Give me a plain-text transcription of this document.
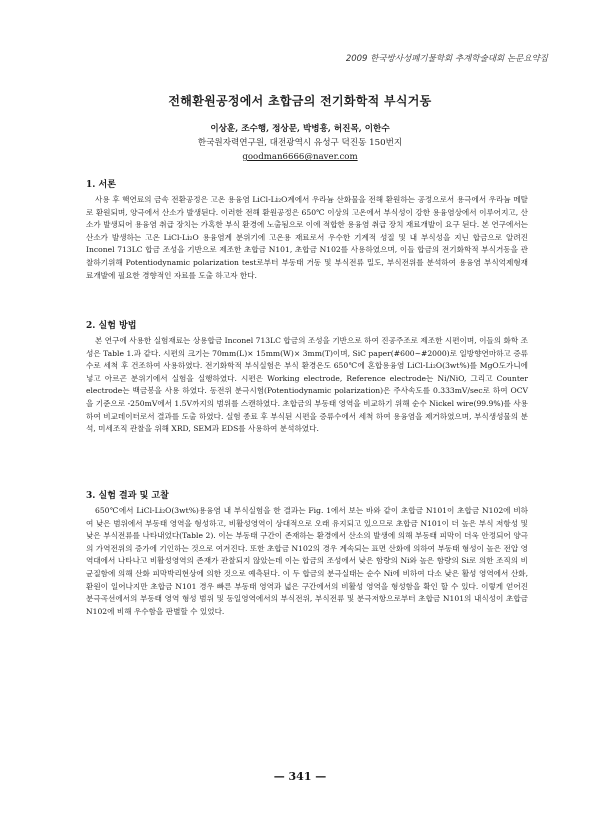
2009 한국방사성폐기물학회 추계학술대회 논문요약집
전해환원공정에서 초합금의 전기화학적 부식거동
이상훈, 조수행, 정상문, 박병흥, 허진목, 이한수
한국원자력연구원, 대전광역시 유성구 덕진동 150번지
goodman6666@naver.com
1. 서론

사용 후 핵연료의 금속 전환공정은 고온 용융염 LiCl-Li₂O계에서 우라늄 산화물을 전해 환원하는 공정으로서 용극에서 우라늄 메탈로 환원되며, 양극에서 산소가 발생된다. 이러한 전해 환원공정은 650℃ 이상의 고온에서 부식성이 강한 용융염상에서 이루어지고, 산소가 발생되어 용융염 취급 장치는 가혹한 부식 환경에 노출됨으로 이에 적합한 용융염 취급 장치 재료개발이 요구 된다. 본 연구에서는 산소가 발생하는 고온 LiCl-Li₂O 용융염계 분위기에 고온용 재료로서 우수한 기계적 성질 및 내 부식성을 지닌 합금으로 알려진 Inconel 713LC 합금 조성을 기반으로 제조한 초합금 N101, 초합금 N102를 사용하였으며, 이들 합금의 전기화학적 부식거동을 관찰하기위해 Potentiodynamic polarization test로부터 부동태 거동 및 부식전류 밀도, 부식전위를 분석하여 용융염 부식억제형재료개발에 필요한 경향적인 자료를 도출 하고자 한다.

2. 실험 방법

본 연구에 사용한 실험재료는 상용합금 Inconel 713LC 합금의 조성을 기반으로 하여 진공주조로 제조한 시편이며, 이들의 화학 조성은 Table 1.과 같다. 시편의 크기는 70mm(L)× 15mm(W)× 3mm(T)이며, SiC paper(#600~#2000)로 일방향연마하고 증류수로 세척 후 건조하여 사용하였다. 전기화학적 부식실험은 부식 환경온도 650℃에 혼합용융염 LiCl-Li₂O(3wt%)를 MgO도가니에 넣고 아르곤 분위기에서 실험을 실행하였다. 시편은 Working electrode, Reference electrode는 Ni/NiO, 그리고 Counter electrode는 백금봉을 사용 하였다. 동전위 분극시험(Potentiodynamic polarization)은 주사속도를 0.333mV/sec로 하여 OCV을 기준으로 -250mV에서 1.5V까지의 범위를 스캔하였다. 초합금의 부동태 영역을 비교하기 위해 순수 Nickel wire(99.9%)를 사용하여 비교데이터로서 결과를 도출 하였다. 실험 종료 후 부식된 시편을 증류수에서 세척 하여 용융염을 제거하였으며, 부식생성물의 분석, 미세조직 관찰을 위해 XRD, SEM과 EDS를 사용하여 분석하였다.

3. 실험 결과 및 고찰

650℃에서 LiCl-Li₂O(3wt%)용융염 내 부식실험을 한 결과는 Fig. 1에서 보는 바와 같이 초합금 N101이 초합금 N102에 비하여 낮은 범위에서 부동태 영역을 형성하고, 비활성영역이 상대적으로 오래 유지되고 있으므로 초합금 N101이 더 높은 부식 저항성 및 낮은 부식전류를 나타내었다(Table 2). 이는 부동태 구간이 존재하는 환경에서 산소의 발생에 의해 부동태 피막이 더욱 안정되어 양극의 가역전위의 증가에 기인하는 것으로 여겨진다. 또한 초합금 N102의 경우 계속되는 표면 산화에 의하여 부동태 형성이 높은 전압 영역대에서 나타나고 비활성영역의 존재가 관찰되지 않았는데 이는 합금의 조성에서 낮은 함량의 Ni와 높은 함량의 Si로 의한 조직의 비균질함에 의해 산화 피막박리현상에 의한 것으로 예측된다. 이 두 합금의 분극실태는 순수 Ni에 비하여 다소 낮은 활성 영역에서 산화, 환원이 일어나지만 초합금 N101 경우 빠른 부동태 영역과 넓은 구간에서의 비활성 영역을 형성함을 확인 할 수 있다. 이렇게 얻어진 분극곡선에서의 부동태 영역 형성 범위 및 동일영역에서의 부식전위, 부식전류 및 분극저항으로부터 초합금 N101의 내식성이 초합금 N102에 비해 우수함을 판별할 수 있었다.

— 341 —
